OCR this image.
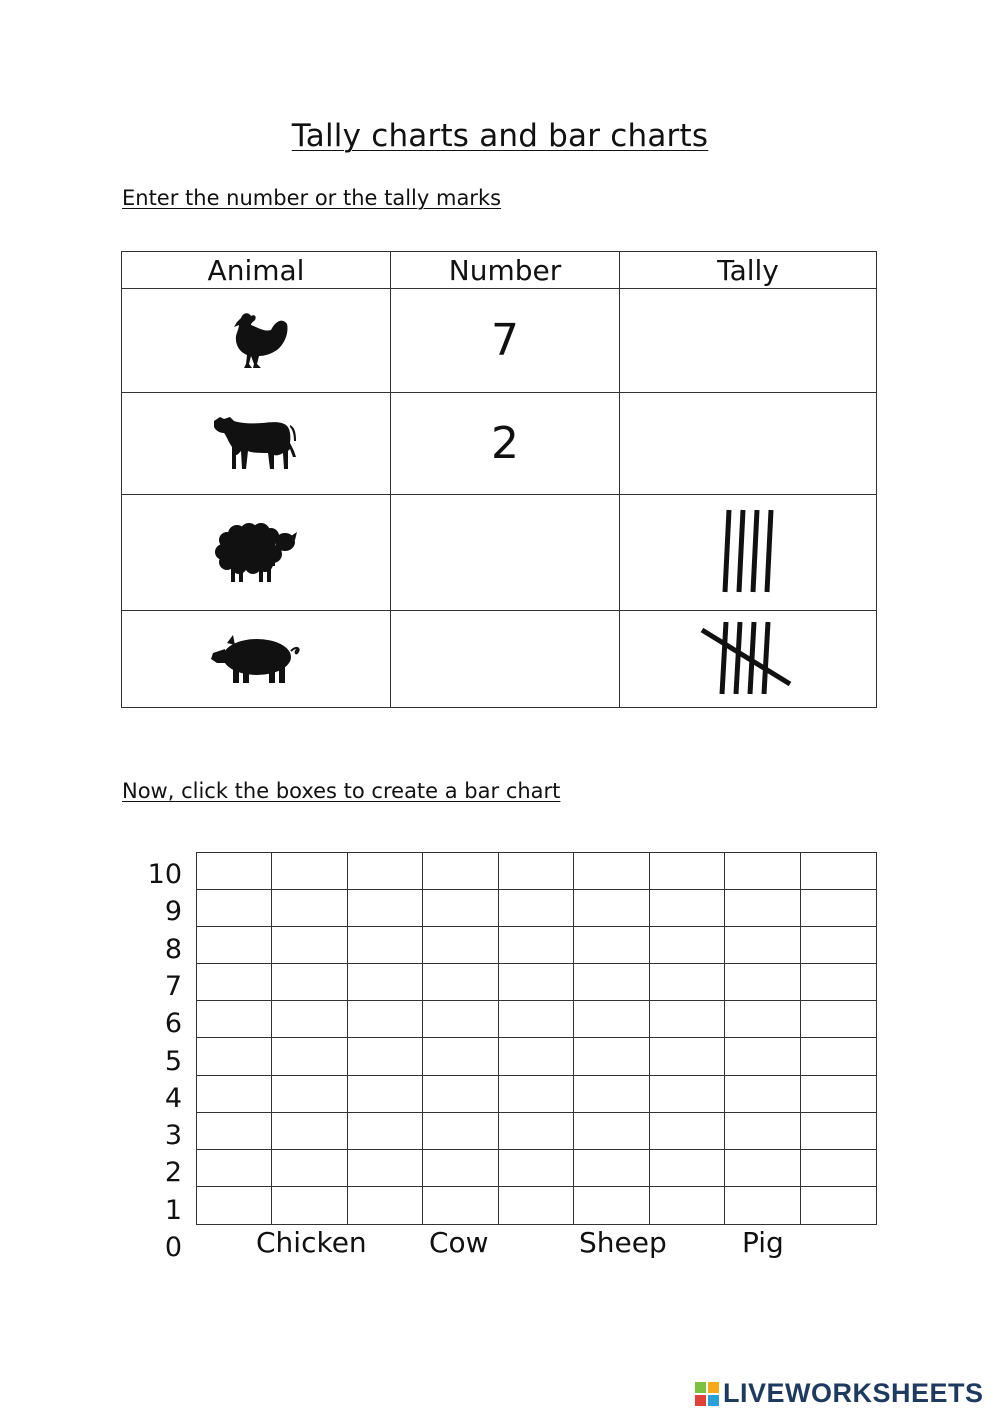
Tally charts and bar charts
Enter the number or the tally marks
Animal	Number	Tally

	7	

	2	

Now, click the boxes to create a bar chart
10
9
8
7
6
5
4
3
2
1
0	Chicken Cow	Sheep	Pig
LIVEWORKSHEETS
